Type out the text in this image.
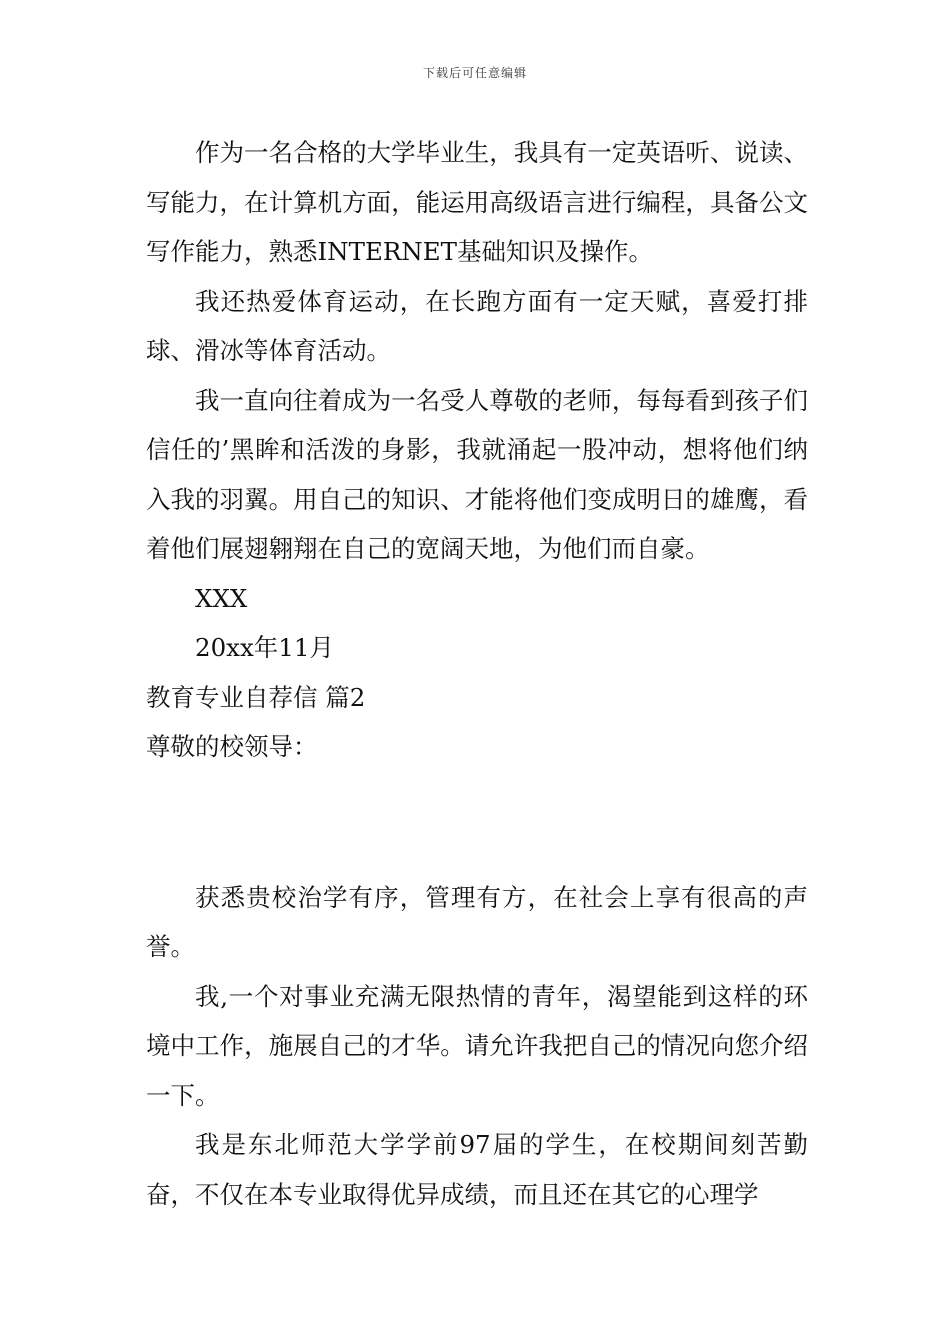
下载后可任意编辑

作为一名合格的大学毕业生，我具有一定英语听、说读、写能力，在计算机方面，能运用高级语言进行编程，具备公文写作能力，熟悉INTERNET基础知识及操作。

我还热爱体育运动，在长跑方面有一定天赋，喜爱打排球、滑冰等体育活动。

我一直向往着成为一名受人尊敬的老师，每每看到孩子们信任的’黑眸和活泼的身影，我就涌起一股冲动，想将他们纳入我的羽翼。用自己的知识、才能将他们变成明日的雄鹰，看着他们展翅翱翔在自己的宽阔天地，为他们而自豪。

XXX

20xx年11月

教育专业自荐信 篇2

尊敬的校领导：

获悉贵校治学有序，管理有方，在社会上享有很高的声誉。

我,一个对事业充满无限热情的青年，渴望能到这样的环境中工作，施展自己的才华。请允许我把自己的情况向您介绍一下。

我是东北师范大学学前97届的学生，在校期间刻苦勤奋，不仅在本专业取得优异成绩，而且还在其它的心理学
